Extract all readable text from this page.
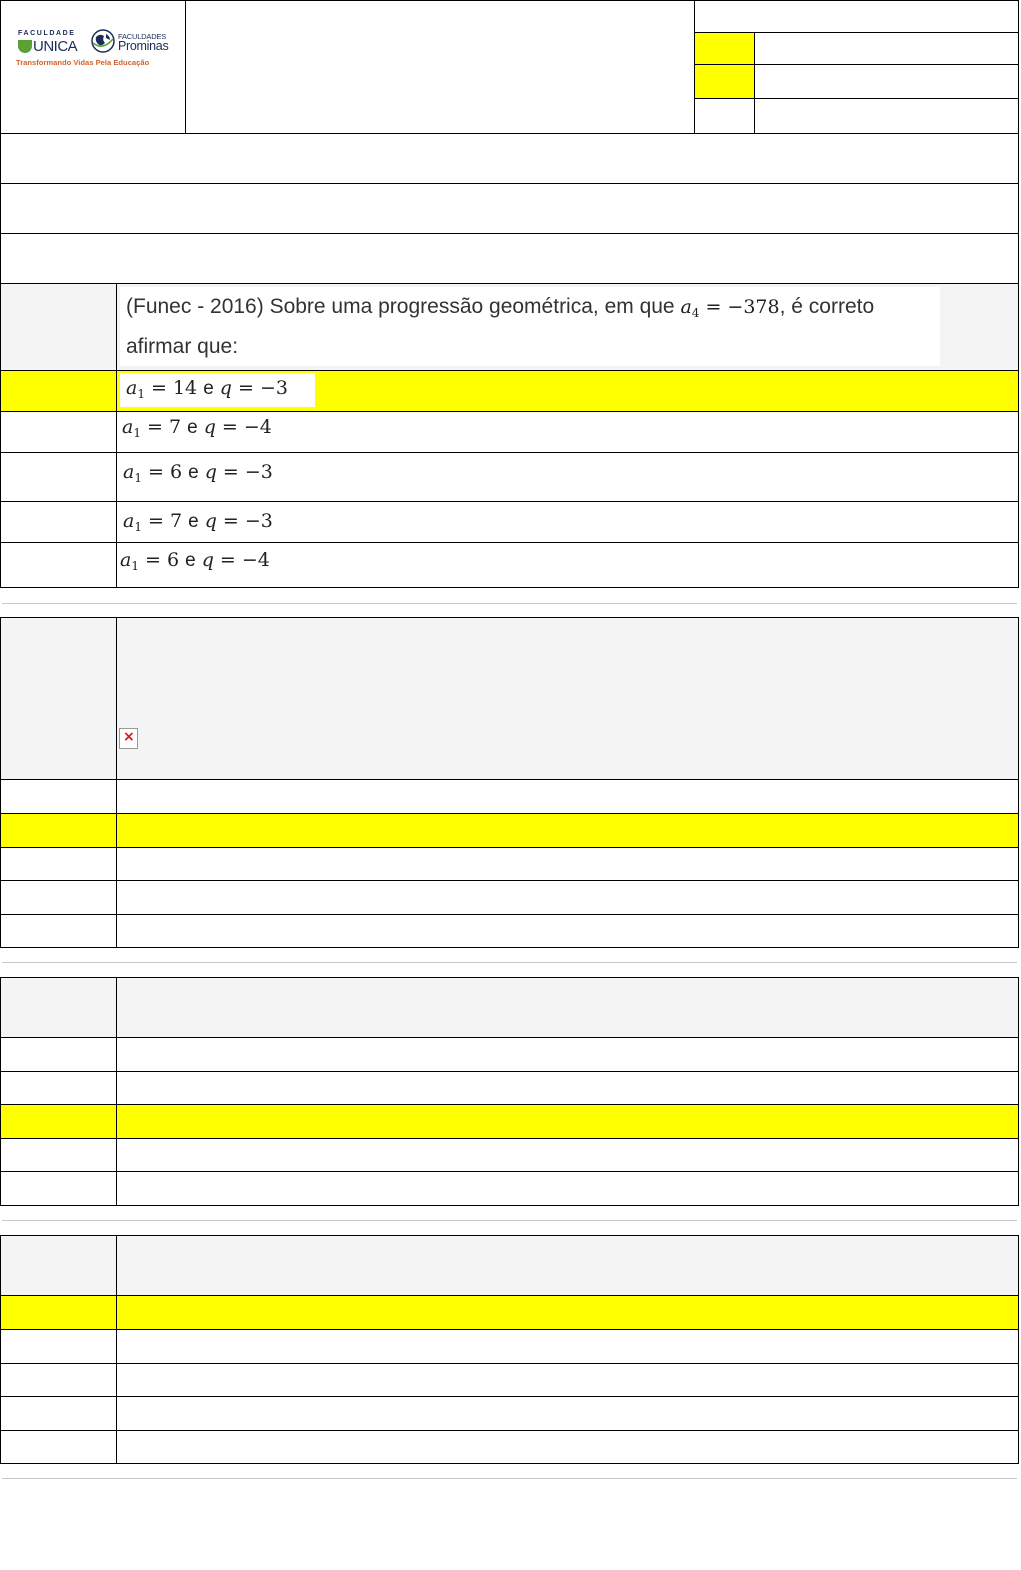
FACULDADE
UNICA
FACULDADES
Prominas
Transformando Vidas Pela Educação
(Funec - 2016) Sobre uma progressão geométrica, em que $a_4 = -378$, é correto
afirmar que:
$a_1 = 14$ e q = −3
$a_1 = 7$ e q = −4
$a_1 = 6$ e q = −3
$a_1 = 7$ e q = −3
$a_1 = 6$ e q = −4
×
